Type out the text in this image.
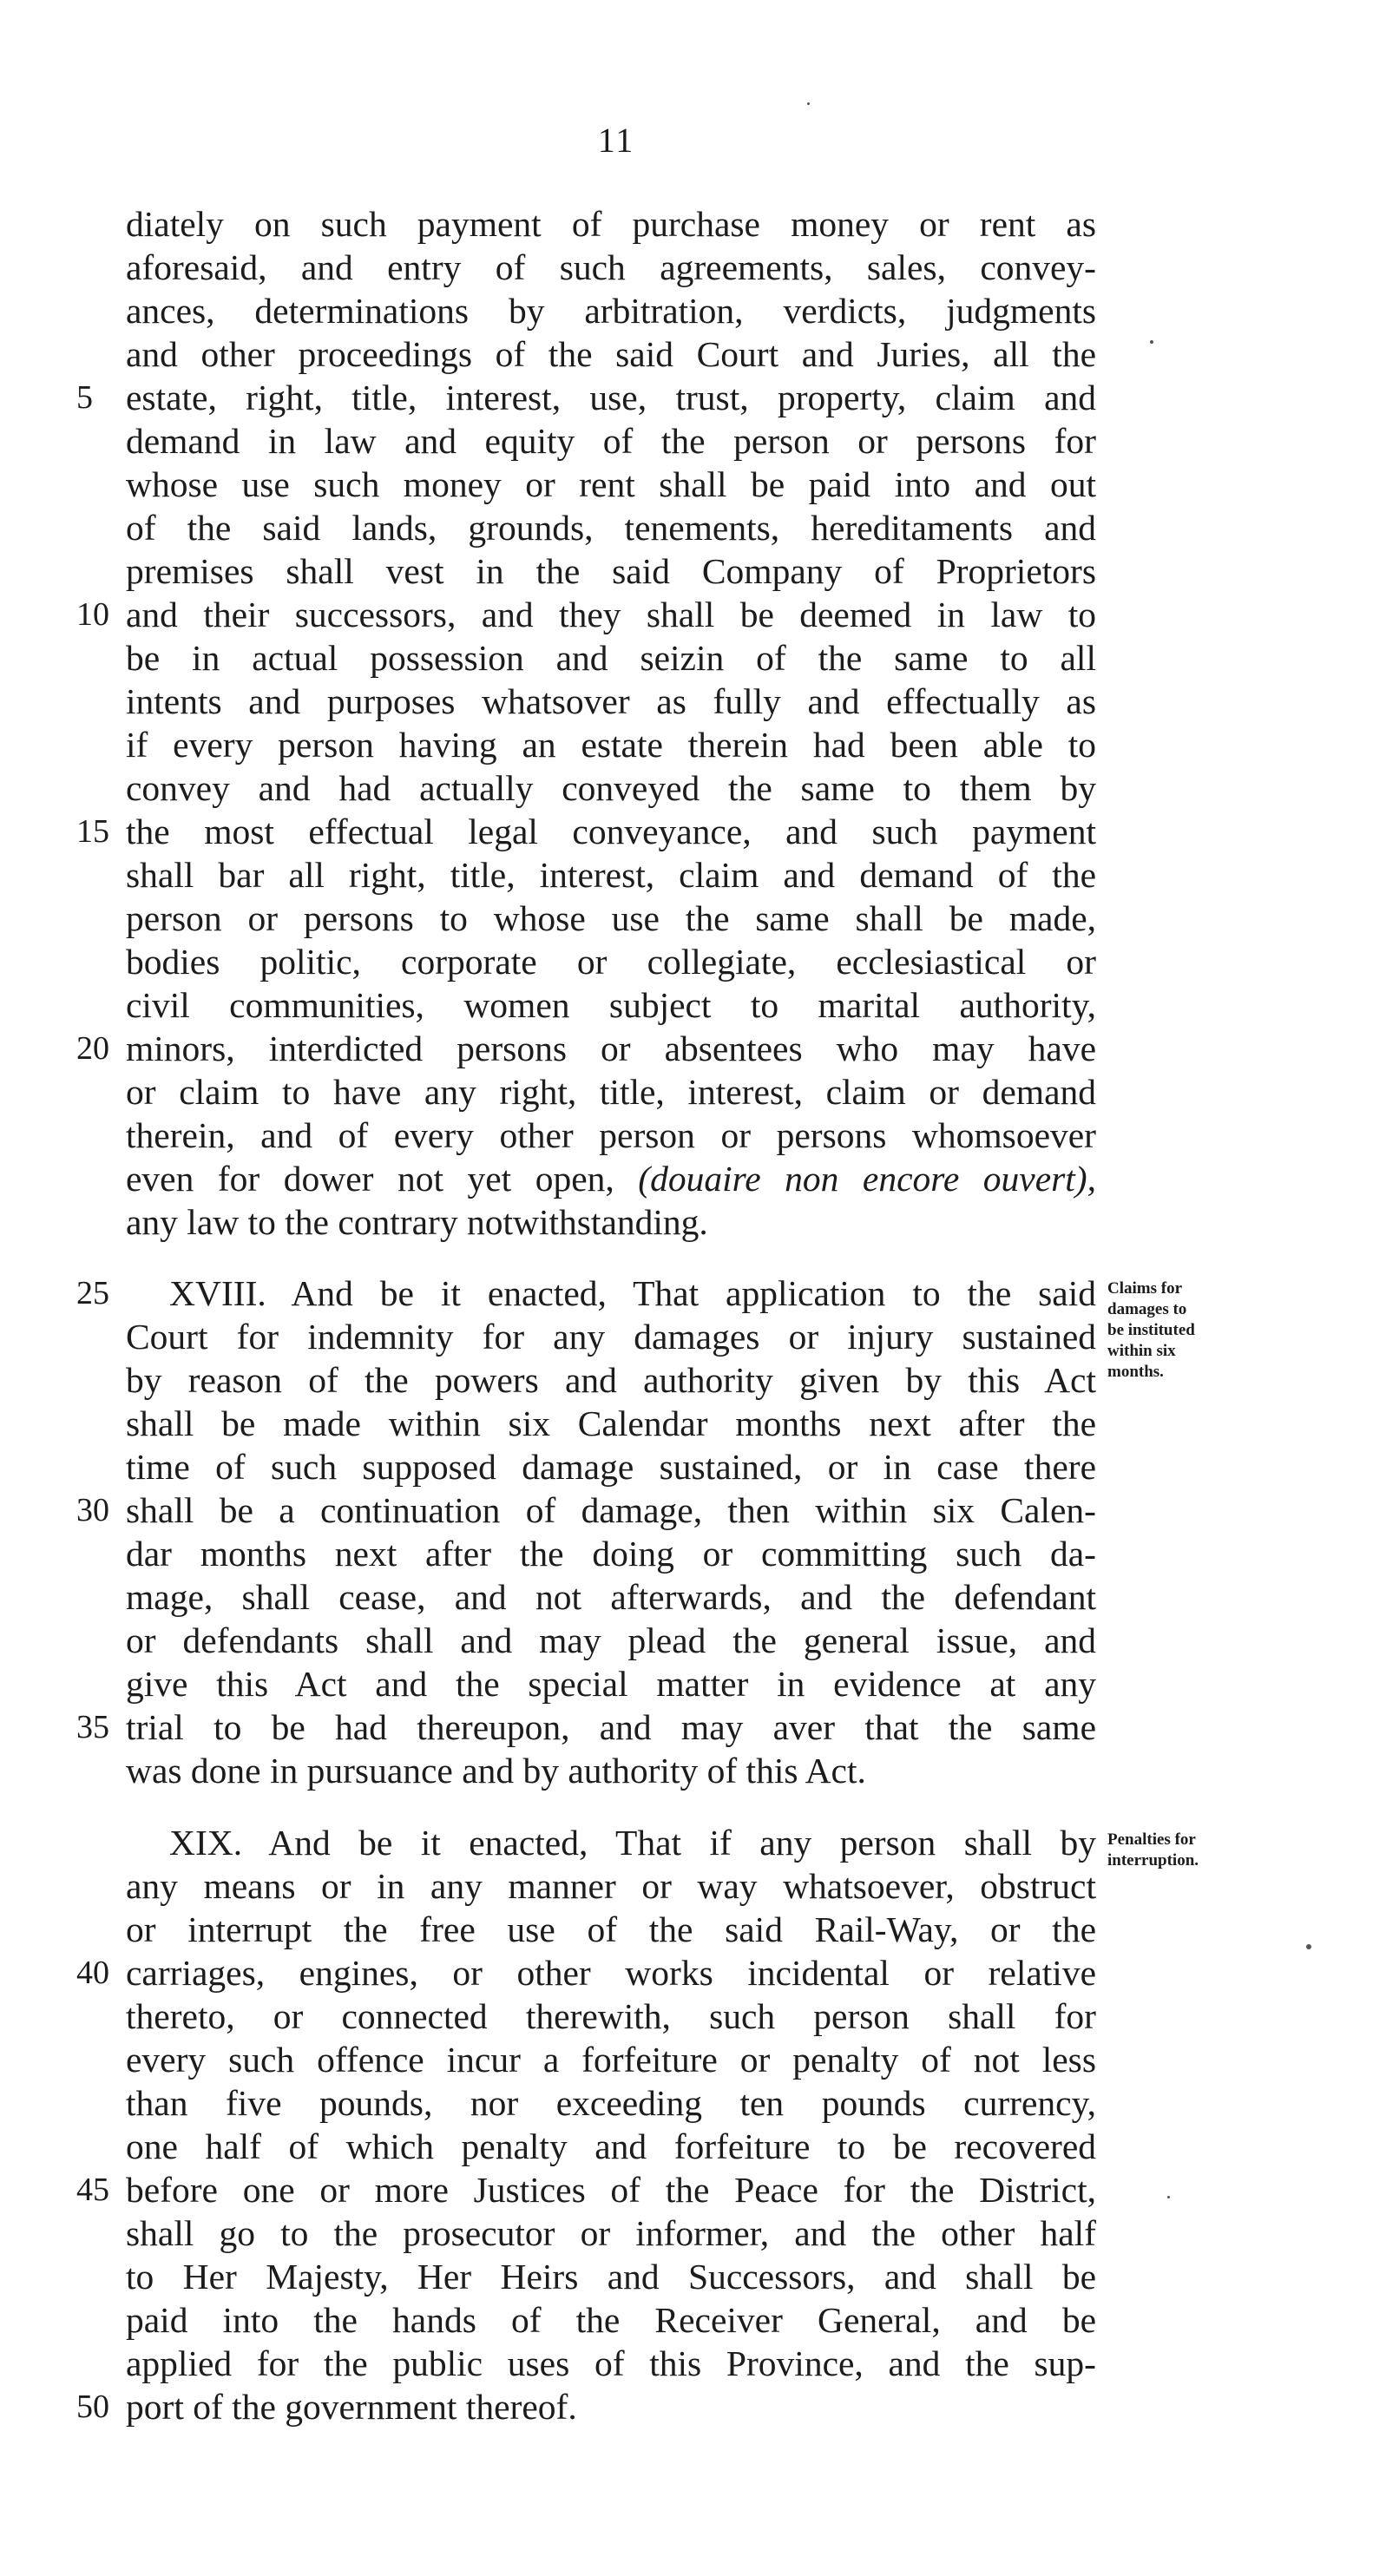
11
diately on such payment of purchase money or rent as
aforesaid, and entry of such agreements, sales, convey-
ances, determinations by arbitration, verdicts, judgments
and other proceedings of the said Court and Juries, all the
estate, right, title, interest, use, trust, property, claim and
demand in law and equity of the person or persons for
whose use such money or rent shall be paid into and out
of the said lands, grounds, tenements, hereditaments and
premises shall vest in the said Company of Proprietors
and their successors, and they shall be deemed in law to
be in actual possession and seizin of the same to all
intents and purposes whatsover as fully and effectually as
if every person having an estate therein had been able to
convey and had actually conveyed the same to them by
the most effectual legal conveyance, and such payment
shall bar all right, title, interest, claim and demand of the
person or persons to whose use the same shall be made,
bodies politic, corporate or collegiate, ecclesiastical or
civil communities, women subject to marital authority,
minors, interdicted persons or absentees who may have
or claim to have any right, title, interest, claim or demand
therein, and of every other person or persons whomsoever
even for dower not yet open, (douaire non encore ouvert),
any law to the contrary notwithstanding.
XVIII. And be it enacted, That application to the said
Court for indemnity for any damages or injury sustained
by reason of the powers and authority given by this Act
shall be made within six Calendar months next after the
time of such supposed damage sustained, or in case there
shall be a continuation of damage, then within six Calen-
dar months next after the doing or committing such da-
mage, shall cease, and not afterwards, and the defendant
or defendants shall and may plead the general issue, and
give this Act and the special matter in evidence at any
trial to be had thereupon, and may aver that the same
was done in pursuance and by authority of this Act.
XIX. And be it enacted, That if any person shall by
any means or in any manner or way whatsoever, obstruct
or interrupt the free use of the said Rail-Way, or the
carriages, engines, or other works incidental or relative
thereto, or connected therewith, such person shall for
every such offence incur a forfeiture or penalty of not less
than five pounds, nor exceeding ten pounds currency,
one half of which penalty and forfeiture to be recovered
before one or more Justices of the Peace for the District,
shall go to the prosecutor or informer, and the other half
to Her Majesty, Her Heirs and Successors, and shall be
paid into the hands of the Receiver General, and be
applied for the public uses of this Province, and the sup-
port of the government thereof.
5
10
15
20
25
30
35
40
45
50
Claims for
damages to
be instituted
within six
months.
Penalties for
interruption.
